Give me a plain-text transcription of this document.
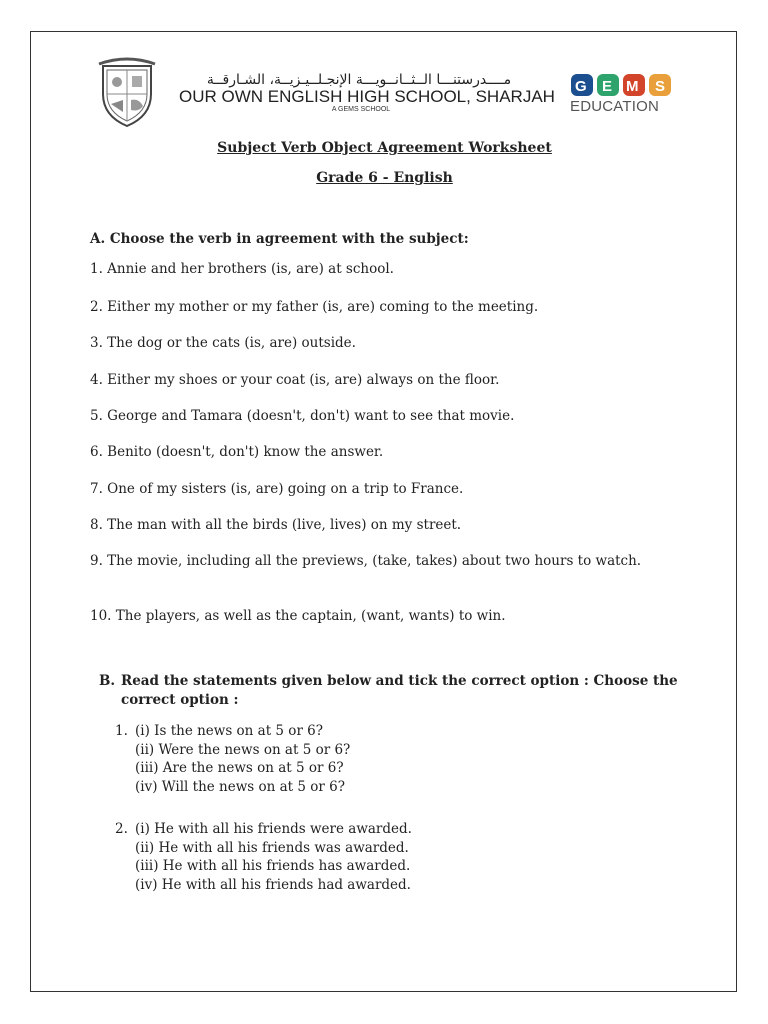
مــــدرستنـــا الــثــانــويـــة الإنجـلــيـزيــة، الشـارقــة
OUR OWN ENGLISH HIGH SCHOOL, SHARJAH
A GEMS SCHOOL
G E M S
EDUCATION
Subject Verb Object Agreement Worksheet
Grade 6 - English
A. Choose the verb in agreement with the subject:
1. Annie and her brothers (is, are) at school.
2. Either my mother or my father (is, are) coming to the meeting.
3. The dog or the cats (is, are) outside.
4. Either my shoes or your coat (is, are) always on the floor.
5. George and Tamara (doesn't, don't) want to see that movie.
6. Benito (doesn't, don't) know the answer.
7. One of my sisters (is, are) going on a trip to France.
8. The man with all the birds (live, lives) on my street.
9. The movie, including all the previews, (take, takes) about two hours to watch.
10. The players, as well as the captain, (want, wants) to win.
B. Read the statements given below and tick the correct option : Choose the correct option :
1. (i) Is the news on at 5 or 6?
(ii) Were the news on at 5 or 6?
(iii) Are the news on at 5 or 6?
(iv) Will the news on at 5 or 6?
2. (i) He with all his friends were awarded.
(ii) He with all his friends was awarded.
(iii) He with all his friends has awarded.
(iv) He with all his friends had awarded.
